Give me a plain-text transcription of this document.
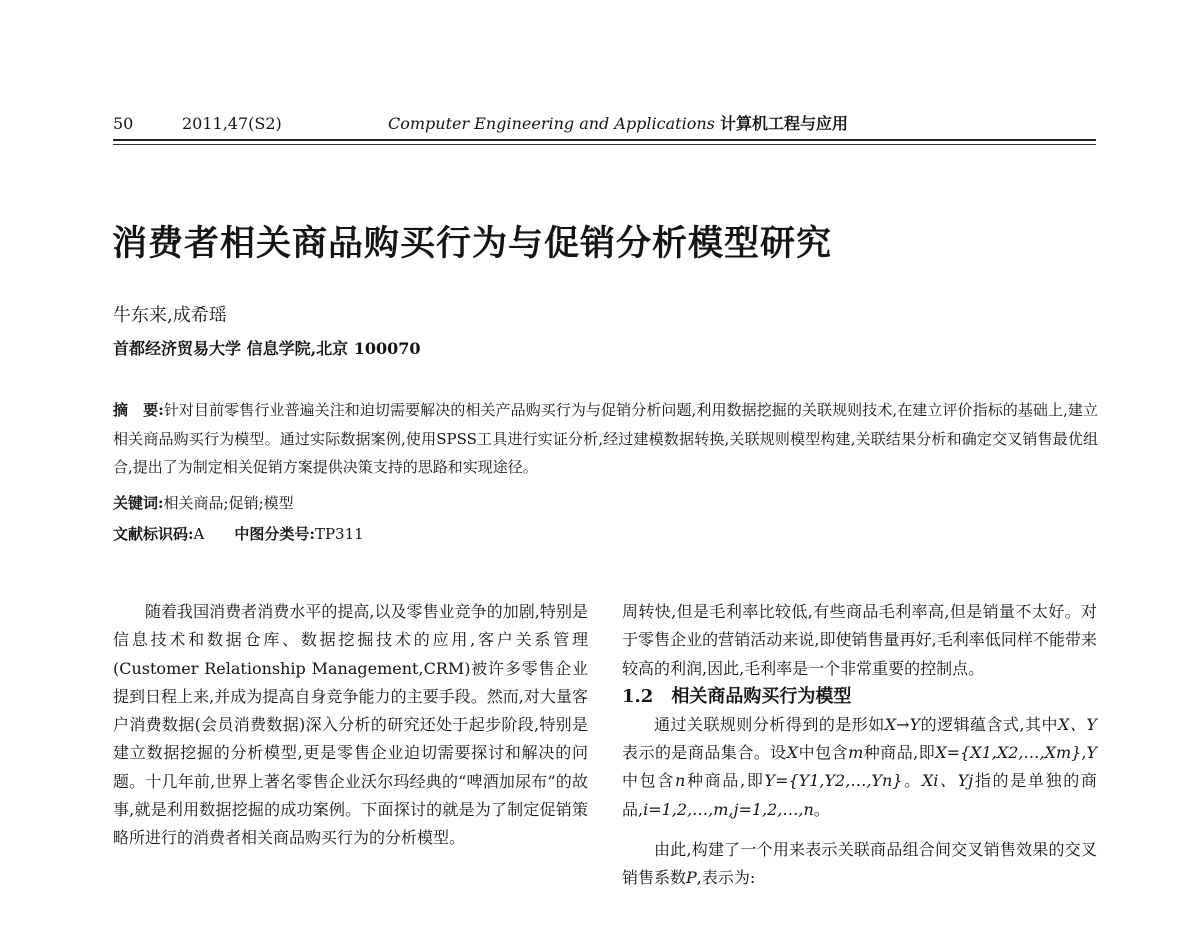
50	2011,47(S2)	Computer Engineering and Applications 计算机工程与应用
消费者相关商品购买行为与促销分析模型研究
牛东来,成希瑶
首都经济贸易大学 信息学院,北京 100070
摘　要:针对目前零售行业普遍关注和迫切需要解决的相关产品购买行为与促销分析问题,利用数据挖掘的关联规则技术,在建立评价指标的基础上,建立相关商品购买行为模型。通过实际数据案例,使用SPSS工具进行实证分析,经过建模数据转换,关联规则模型构建,关联结果分析和确定交叉销售最优组合,提出了为制定相关促销方案提供决策支持的思路和实现途径。
关键词:相关商品;促销;模型
文献标识码:A 中图分类号:TP311

随着我国消费者消费水平的提高,以及零售业竞争的加剧,特别是信息技术和数据仓库、数据挖掘技术的应用,客户关系管理(Customer Relationship Management,CRM)被许多零售企业提到日程上来,并成为提高自身竞争能力的主要手段。然而,对大量客户消费数据(会员消费数据)深入分析的研究还处于起步阶段,特别是建立数据挖掘的分析模型,更是零售企业迫切需要探讨和解决的问题。十几年前,世界上著名零售企业沃尔玛经典的“啤酒加尿布”的故事,就是利用数据挖掘的成功案例。下面探讨的就是为了制定促销策略所进行的消费者相关商品购买行为的分析模型。

周转快,但是毛利率比较低,有些商品毛利率高,但是销量不太好。对于零售企业的营销活动来说,即使销售量再好,毛利率低同样不能带来较高的利润,因此,毛利率是一个非常重要的控制点。

1.2　相关商品购买行为模型

通过关联规则分析得到的是形如X→Y的逻辑蕴含式,其中X、Y表示的是商品集合。设X中包含m种商品,即X={X1,X2,…,Xm},Y中包含n种商品,即Y={Y1,Y2,…,Yn}。Xi、Yj指的是单独的商品,i=1,2,…,m,j=1,2,…,n。

由此,构建了一个用来表示关联商品组合间交叉销售效果的交叉销售系数P,表示为:
